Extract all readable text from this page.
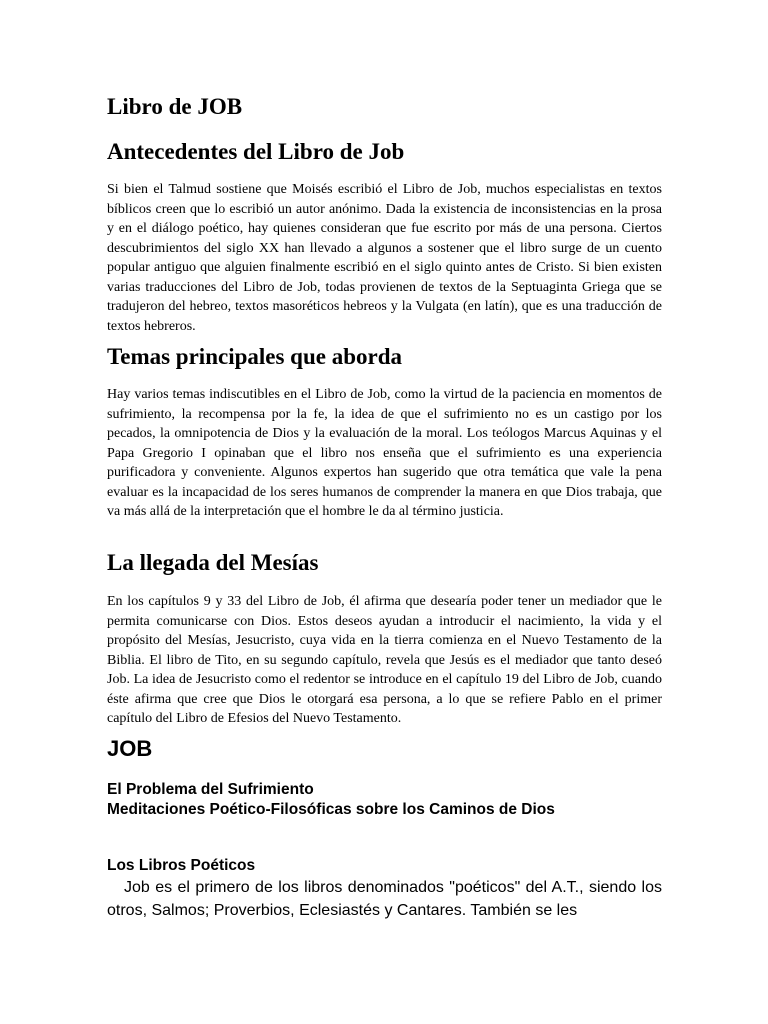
Libro de JOB
Antecedentes del Libro de Job

Si bien el Talmud sostiene que Moisés escribió el Libro de Job, muchos especialistas en textos bíblicos creen que lo escribió un autor anónimo. Dada la existencia de inconsistencias en la prosa y en el diálogo poético, hay quienes consideran que fue escrito por más de una persona. Ciertos descubrimientos del siglo XX han llevado a algunos a sostener que el libro surge de un cuento popular antiguo que alguien finalmente escribió en el siglo quinto antes de Cristo. Si bien existen varias traducciones del Libro de Job, todas provienen de textos de la Septuaginta Griega que se tradujeron del hebreo, textos masoréticos hebreos y la Vulgata (en latín), que es una traducción de textos hebreros.

Temas principales que aborda

Hay varios temas indiscutibles en el Libro de Job, como la virtud de la paciencia en momentos de sufrimiento, la recompensa por la fe, la idea de que el sufrimiento no es un castigo por los pecados, la omnipotencia de Dios y la evaluación de la moral. Los teólogos Marcus Aquinas y el Papa Gregorio I opinaban que el libro nos enseña que el sufrimiento es una experiencia purificadora y conveniente. Algunos expertos han sugerido que otra temática que vale la pena evaluar es la incapacidad de los seres humanos de comprender la manera en que Dios trabaja, que va más allá de la interpretación que el hombre le da al término justicia.

La llegada del Mesías

En los capítulos 9 y 33 del Libro de Job, él afirma que desearía poder tener un mediador que le permita comunicarse con Dios. Estos deseos ayudan a introducir el nacimiento, la vida y el propósito del Mesías, Jesucristo, cuya vida en la tierra comienza en el Nuevo Testamento de la Biblia. El libro de Tito, en su segundo capítulo, revela que Jesús es el mediador que tanto deseó Job. La idea de Jesucristo como el redentor se introduce en el capítulo 19 del Libro de Job, cuando éste afirma que cree que Dios le otorgará esa persona, a lo que se refiere Pablo en el primer capítulo del Libro de Efesios del Nuevo Testamento.

JOB
El Problema del Sufrimiento
Meditaciones Poético-Filosóficas sobre los Caminos de Dios
Los Libros Poéticos

Job es el primero de los libros denominados "poéticos" del A.T., siendo los otros, Salmos; Proverbios, Eclesiastés y Cantares. También se les
